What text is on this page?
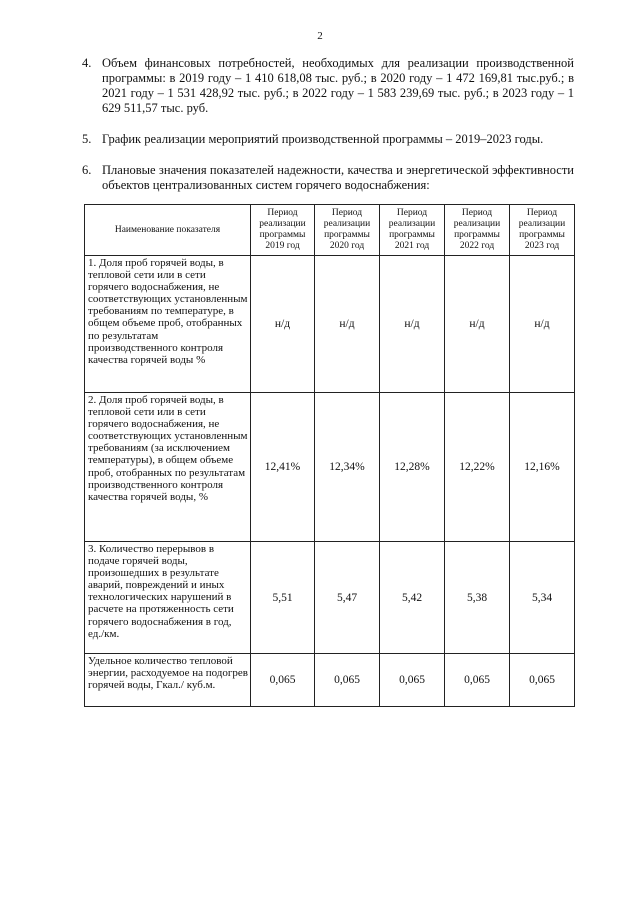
2
4. Объем финансовых потребностей, необходимых для реализации производственной программы: в 2019 году – 1 410 618,08 тыс. руб.; в 2020 году – 1 472 169,81 тыс.руб.; в 2021 году – 1 531 428,92 тыс. руб.; в 2022 году – 1 583 239,69 тыс. руб.; в 2023 году – 1 629 511,57 тыс. руб.
5. График реализации мероприятий производственной программы – 2019–2023 годы.
6. Плановые значения показателей надежности, качества и энергетической эффективности объектов централизованных систем горячего водоснабжения:
Наименование показателя	Период реализации программы 2019 год	Период реализации программы 2020 год	Период реализации программы 2021 год	Период реализации программы 2022 год	Период реализации программы 2023 год
1. Доля проб горячей воды, в тепловой сети или в сети горячего водоснабжения, не соответствующих установленным требованиям по температуре, в общем объеме проб, отобранных по результатам производственного контроля качества горячей воды %	н/д	н/д	н/д	н/д	н/д
2. Доля проб горячей воды, в тепловой сети или в сети горячего водоснабжения, не соответствующих установленным требованиям (за исключением температуры), в общем объеме проб, отобранных по результатам производственного контроля качества горячей воды, %	12,41%	12,34%	12,28%	12,22%	12,16%
3. Количество перерывов в подаче горячей воды, произошедших в результате аварий, повреждений и иных технологических нарушений в расчете на протяженность сети горячего водоснабжения в год, ед./км.	5,51	5,47	5,42	5,38	5,34
Удельное количество тепловой энергии, расходуемое на подогрев горячей воды, Гкал./ куб.м.	0,065	0,065	0,065	0,065	0,065
